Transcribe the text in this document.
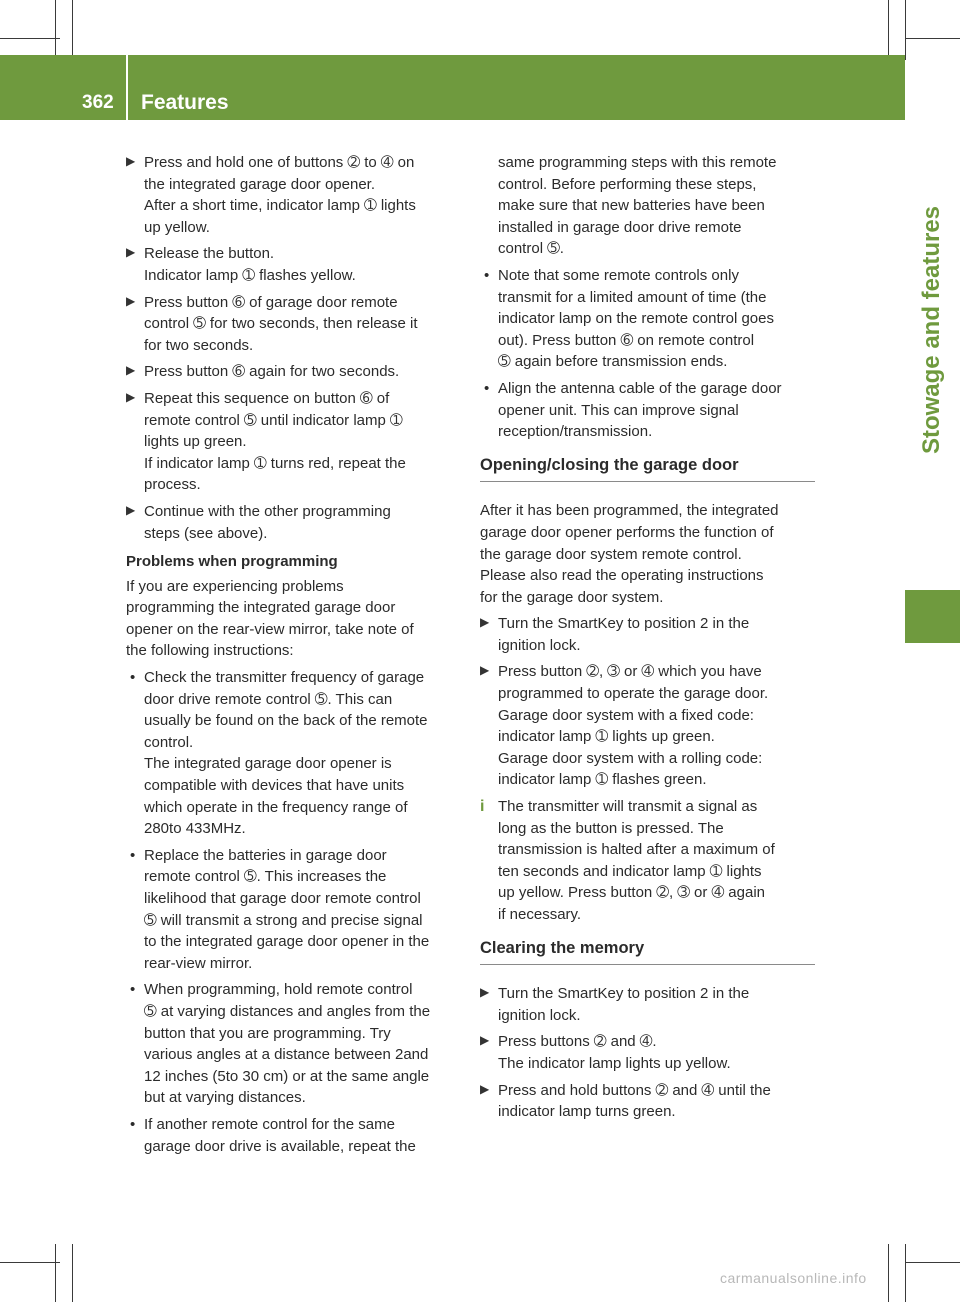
362 Features
Stowage and features
▶ Press and hold one of buttons ➁ to ➃ on
the integrated garage door opener.
After a short time, indicator lamp ➀ lights
up yellow.
▶ Release the button.
Indicator lamp ➀ flashes yellow.
▶ Press button ➅ of garage door remote
control ➄ for two seconds, then release it
for two seconds.
▶ Press button ➅ again for two seconds.
▶ Repeat this sequence on button ➅ of
remote control ➄ until indicator lamp ➀
lights up green.
If indicator lamp ➀ turns red, repeat the
process.
▶ Continue with the other programming
steps (see above).
Problems when programming
If you are experiencing problems
programming the integrated garage door
opener on the rear-view mirror, take note of
the following instructions:
• Check the transmitter frequency of garage
door drive remote control ➄. This can
usually be found on the back of the remote
control.
The integrated garage door opener is
compatible with devices that have units
which operate in the frequency range of
280to 433MHz.
• Replace the batteries in garage door
remote control ➄. This increases the
likelihood that garage door remote control
➄ will transmit a strong and precise signal
to the integrated garage door opener in the
rear-view mirror.
• When programming, hold remote control
➄ at varying distances and angles from the
button that you are programming. Try
various angles at a distance between 2and
12 inches (5to 30 cm) or at the same angle
but at varying distances.
• If another remote control for the same
garage door drive is available, repeat the
same programming steps with this remote
control. Before performing these steps,
make sure that new batteries have been
installed in garage door drive remote
control ➄.
• Note that some remote controls only
transmit for a limited amount of time (the
indicator lamp on the remote control goes
out). Press button ➅ on remote control
➄ again before transmission ends.
• Align the antenna cable of the garage door
opener unit. This can improve signal
reception/transmission.
Opening/closing the garage door
After it has been programmed, the integrated
garage door opener performs the function of
the garage door system remote control.
Please also read the operating instructions
for the garage door system.
▶ Turn the SmartKey to position 2 in the
ignition lock.
▶ Press button ➁, ➂ or ➃ which you have
programmed to operate the garage door.
Garage door system with a fixed code:
indicator lamp ➀ lights up green.
Garage door system with a rolling code:
indicator lamp ➀ flashes green.
i The transmitter will transmit a signal as
long as the button is pressed. The
transmission is halted after a maximum of
ten seconds and indicator lamp ➀ lights
up yellow. Press button ➁, ➂ or ➃ again
if necessary.
Clearing the memory
▶ Turn the SmartKey to position 2 in the
ignition lock.
▶ Press buttons ➁ and ➃.
The indicator lamp lights up yellow.
▶ Press and hold buttons ➁ and ➃ until the
indicator lamp turns green.
carmanualsonline.info
